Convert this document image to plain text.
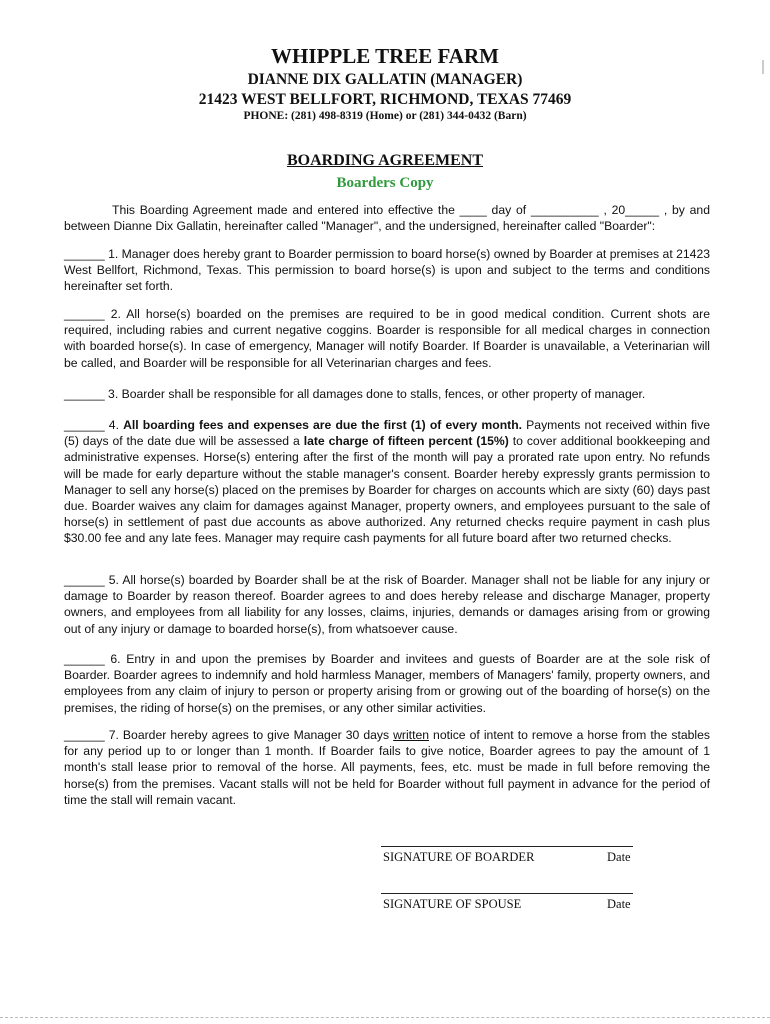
WHIPPLE TREE FARM
DIANNE DIX GALLATIN (MANAGER)
21423 WEST BELLFORT, RICHMOND, TEXAS 77469
PHONE: (281) 498-8319 (Home) or (281) 344-0432 (Barn)
BOARDING AGREEMENT
Boarders Copy

This Boarding Agreement made and entered into effective the ____ day of __________ , 20_____ , by and between Dianne Dix Gallatin, hereinafter called "Manager", and the undersigned, hereinafter called "Boarder":

______ 1. Manager does hereby grant to Boarder permission to board horse(s) owned by Boarder at premises at 21423 West Bellfort, Richmond, Texas. This permission to board horse(s) is upon and subject to the terms and conditions hereinafter set forth.

______ 2. All horse(s) boarded on the premises are required to be in good medical condition. Current shots are required, including rabies and current negative coggins. Boarder is responsible for all medical charges in connection with boarded horse(s). In case of emergency, Manager will notify Boarder. If Boarder is unavailable, a Veterinarian will be called, and Boarder will be responsible for all Veterinarian charges and fees.

______ 3. Boarder shall be responsible for all damages done to stalls, fences, or other property of manager.

______ 4. All boarding fees and expenses are due the first (1) of every month. Payments not received within five (5) days of the date due will be assessed a late charge of fifteen percent (15%) to cover additional bookkeeping and administrative expenses. Horse(s) entering after the first of the month will pay a prorated rate upon entry. No refunds will be made for early departure without the stable manager's consent. Boarder hereby expressly grants permission to Manager to sell any horse(s) placed on the premises by Boarder for charges on accounts which are sixty (60) days past due. Boarder waives any claim for damages against Manager, property owners, and employees pursuant to the sale of horse(s) in settlement of past due accounts as above authorized. Any returned checks require payment in cash plus $30.00 fee and any late fees. Manager may require cash payments for all future board after two returned checks.

______ 5. All horse(s) boarded by Boarder shall be at the risk of Boarder. Manager shall not be liable for any injury or damage to Boarder by reason thereof. Boarder agrees to and does hereby release and discharge Manager, property owners, and employees from all liability for any losses, claims, injuries, demands or damages arising from or growing out of any injury or damage to boarded horse(s), from whatsoever cause.

______ 6. Entry in and upon the premises by Boarder and invitees and guests of Boarder are at the sole risk of Boarder. Boarder agrees to indemnify and hold harmless Manager, members of Managers' family, property owners, and employees from any claim of injury to person or property arising from or growing out of the boarding of horse(s) on the premises, the riding of horse(s) on the premises, or any other similar activities.

______ 7. Boarder hereby agrees to give Manager 30 days written notice of intent to remove a horse from the stables for any period up to or longer than 1 month. If Boarder fails to give notice, Boarder agrees to pay the amount of 1 month's stall lease prior to removal of the horse. All payments, fees, etc. must be made in full before removing the horse(s) from the premises. Vacant stalls will not be held for Boarder without full payment in advance for the period of time the stall will remain vacant.

SIGNATURE OF BOARDER	Date
SIGNATURE OF SPOUSE	Date
